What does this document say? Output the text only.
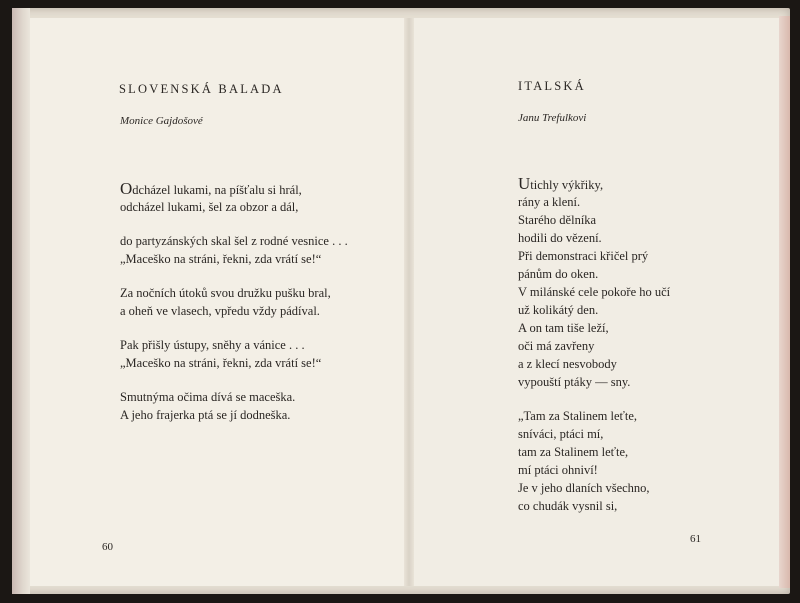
SLOVENSKÁ BALADA
Monice Gajdošové
Odcházel lukami, na píšťalu si hrál,
odcházel lukami, šel za obzor a dál,
do partyzánských skal šel z rodné vesnice . . .
„Maceško na stráni, řekni, zda vrátí se!“
Za nočních útoků svou družku pušku bral,
a oheň ve vlasech, vpředu vždy pádíval.
Pak přišly ústupy, sněhy a vánice . . .
„Maceško na stráni, řekni, zda vrátí se!“
Smutnýma očima dívá se maceška.
A jeho frajerka ptá se jí dodneška.
60
ITALSKÁ
Janu Trefulkovi
Utichly výkřiky,
rány a klení.
Starého dělníka
hodili do vězení.
Při demonstraci křičel prý
pánům do oken.
V milánské cele pokoře ho učí
už kolikátý den.
A on tam tiše leží,
oči má zavřeny
a z klecí nesvobody
vypouští ptáky — sny.
„Tam za Stalinem leťte,
sníváci, ptáci mí,
tam za Stalinem leťte,
mí ptáci ohniví!
Je v jeho dlaních všechno,
co chudák vysnil si,
61
